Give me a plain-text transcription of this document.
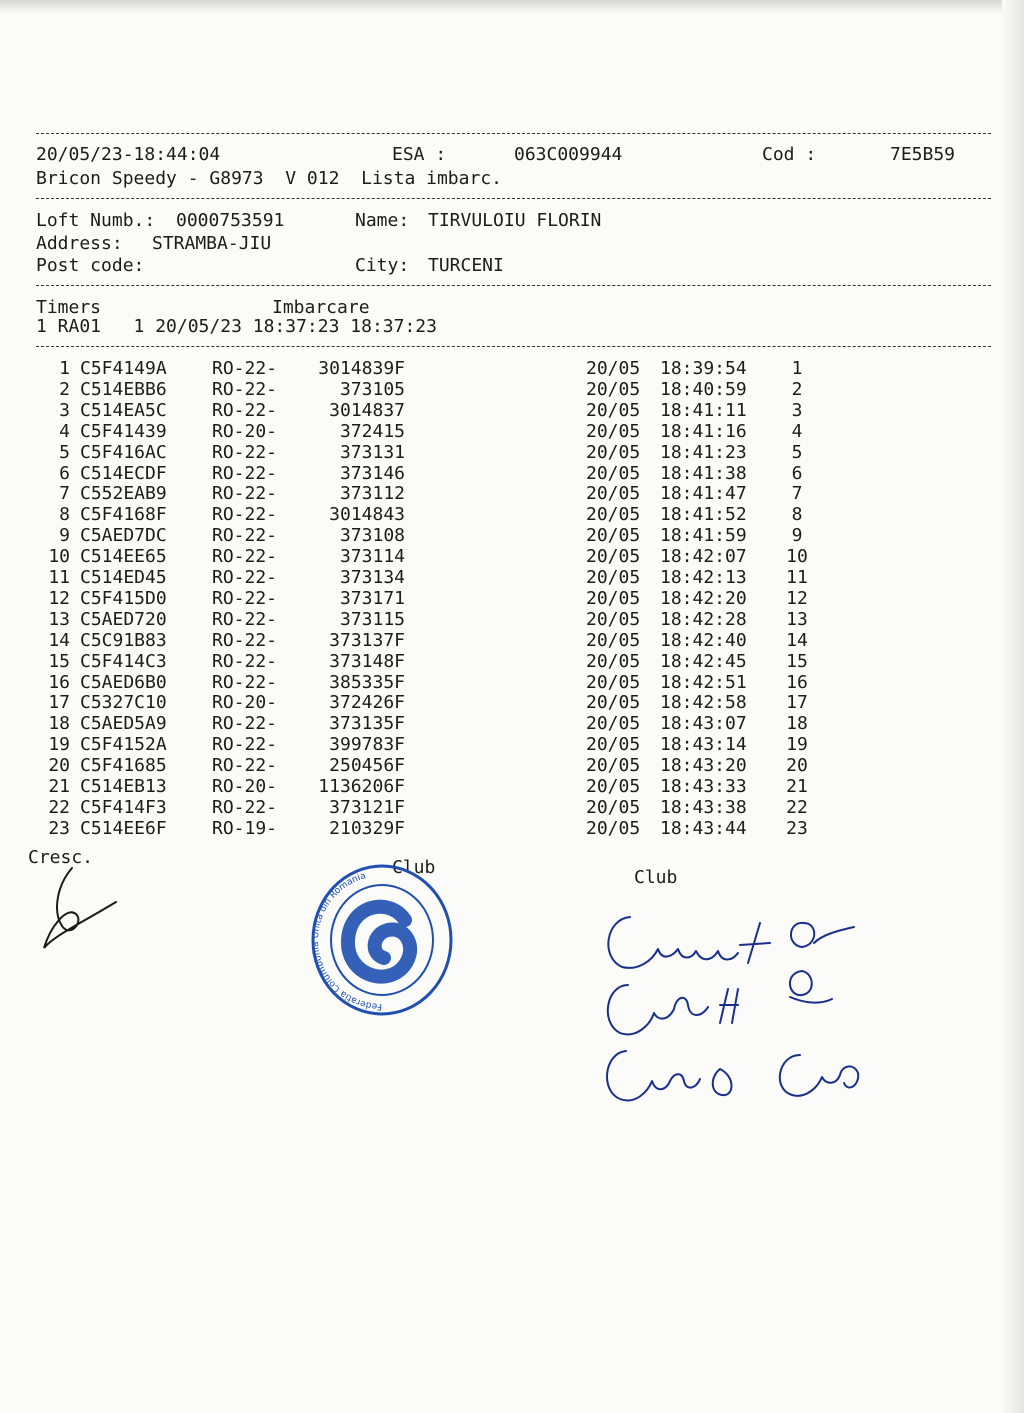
20/05/23-18:44:04	ESA :	063C009944	Cod :	7E5B59
Bricon Speedy - G8973  V 012  Lista imbarc.
Loft Numb.: 0000753591	Name: TIRVULOIU FLORIN
Address: STRAMBA-JIU
Post code:	City: TURCENI
Timers	Imbarcare
1 RA01   1 20/05/23 18:37:23 18:37:23
1 C5F4149A	RO-22-	3014839F	20/05 18:39:54	1
2 C514EBB6	RO-22-	373105	20/05 18:40:59	2
3 C514EA5C	RO-22-	3014837	20/05 18:41:11	3
4 C5F41439	RO-20-	372415	20/05 18:41:16	4
5 C5F416AC	RO-22-	373131	20/05 18:41:23	5
6 C514ECDF	RO-22-	373146	20/05 18:41:38	6
7 C552EAB9	RO-22-	373112	20/05 18:41:47	7
8 C5F4168F	RO-22-	3014843	20/05 18:41:52	8
9 C5AED7DC	RO-22-	373108	20/05 18:41:59	9
10 C514EE65	RO-22-	373114	20/05 18:42:07 10
11 C514ED45	RO-22-	373134	20/05 18:42:13 11
12 C5F415D0	RO-22-	373171	20/05 18:42:20 12
13 C5AED720	RO-22-	373115	20/05 18:42:28 13
14 C5C91B83	RO-22-	373137F	20/05 18:42:40 14
15 C5F414C3	RO-22-	373148F	20/05 18:42:45 15
16 C5AED6B0	RO-22-	385335F	20/05 18:42:51 16
17 C5327C10	RO-20-	372426F	20/05 18:42:58 17
18 C5AED5A9	RO-22-	373135F	20/05 18:43:07 18
19 C5F4152A	RO-22-	399783F	20/05 18:43:14 19
20 C5F41685	RO-22-	250456F	20/05 18:43:20 20
21 C514EB13	RO-20-	1136206F	20/05 18:43:33 21
22 C5F414F3	RO-22-	373121F	20/05 18:43:38 22
23 C514EE6F	RO-19-	210329F	20/05 18:43:44 23
Cresc.	Club	Club
Federatia Columbofila Unita din Romania
